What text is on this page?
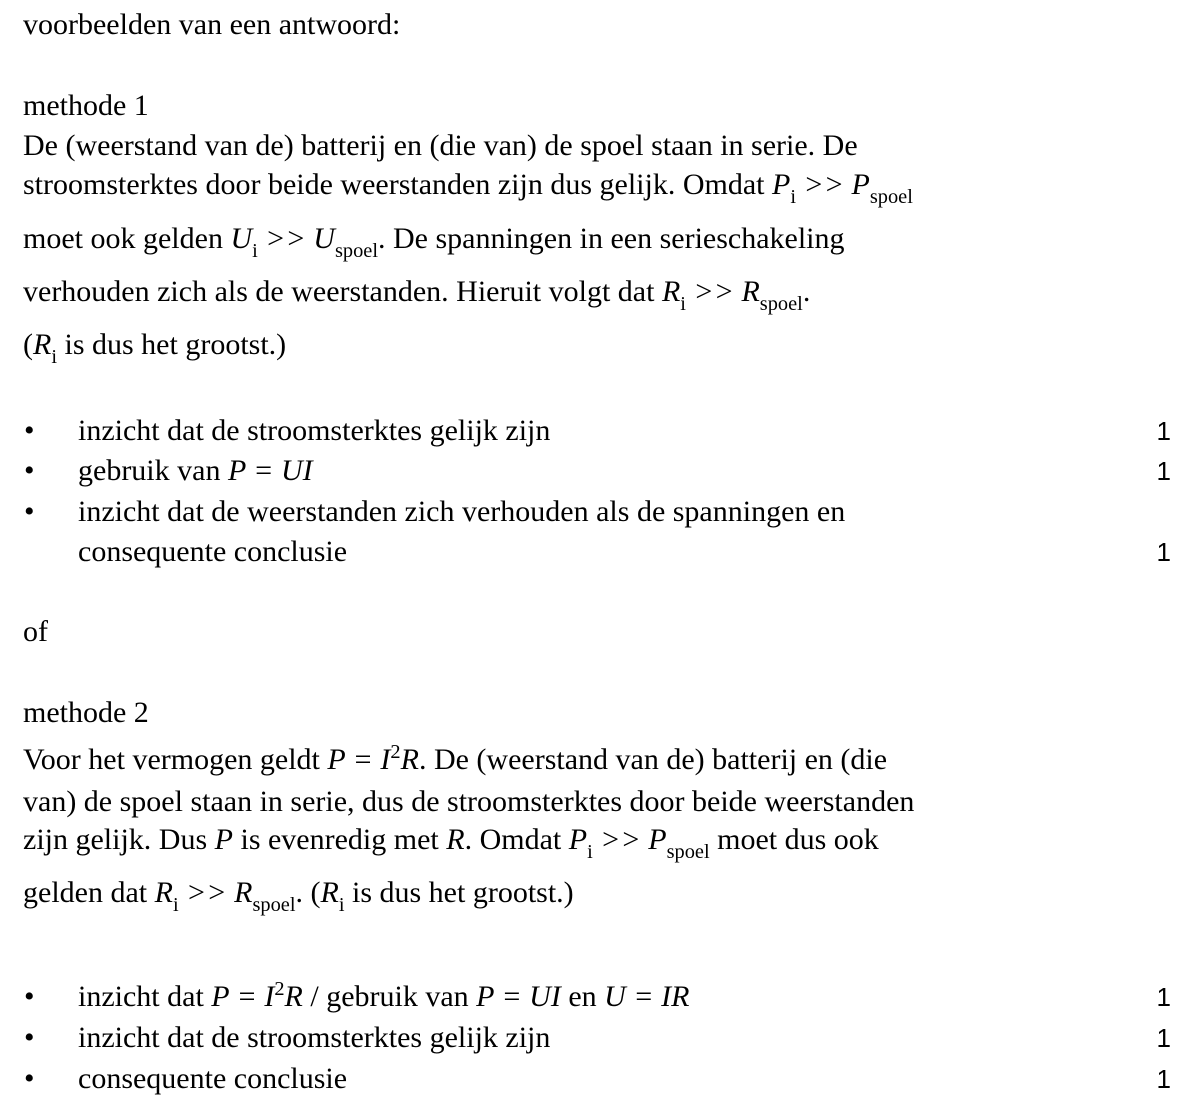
voorbeelden van een antwoord:
methode 1
De (weerstand van de) batterij en (die van) de spoel staan in serie. De
stroomsterktes door beide weerstanden zijn dus gelijk. Omdat $P_i >> P_{spoel}$
moet ook gelden $U_i >> U_{spoel}$. De spanningen in een serieschakeling
verhouden zich als de weerstanden. Hieruit volgt dat $R_i >> R_{spoel}$.
($R_i$ is dus het grootst.)
• inzicht dat de stroomsterktes gelijk zijn	1
• gebruik van P = UI	1
• inzicht dat de weerstanden zich verhouden als de spanningen en
consequente conclusie	1
of
methode 2
Voor het vermogen geldt $P = I^2R$. De (weerstand van de) batterij en (die
van) de spoel staan in serie, dus de stroomsterktes door beide weerstanden
zijn gelijk. Dus P is evenredig met R. Omdat $P_i >> P_{spoel}$ moet dus ook
gelden dat $R_i >> R_{spoel}$. ($R_i$ is dus het grootst.)
• inzicht dat $P = I^2R$ / gebruik van P = UI en U = IR	1
• inzicht dat de stroomsterktes gelijk zijn	1
• consequente conclusie	1
